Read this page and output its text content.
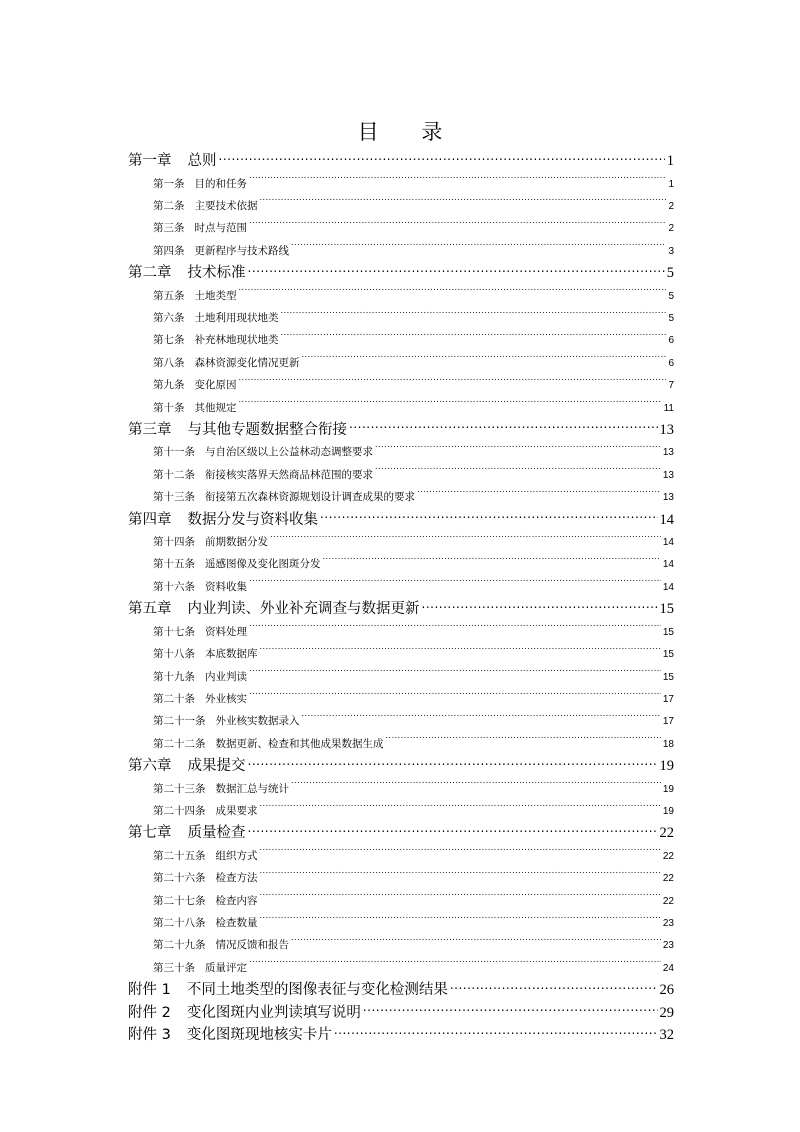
目 录
第一章 总则 .....	1
第一条 目的和任务 .....	1
第二条 主要技术依据 .....	2
第三条 时点与范围 .....	2
第四条 更新程序与技术路线 .....	3
第二章 技术标准 .....	5
第五条 土地类型 .....	5
第六条 土地利用现状地类 .....	5
第七条 补充林地现状地类 .....	6
第八条 森林资源变化情况更新 .....	6
第九条 变化原因 .....	7
第十条 其他规定 .....	11
第三章 与其他专题数据整合衔接 .....	13
第十一条 与自治区级以上公益林动态调整要求 .....	13
第十二条 衔接核实落界天然商品林范围的要求 .....	13
第十三条 衔接第五次森林资源规划设计调查成果的要求 .....	13
第四章 数据分发与资料收集 .....	14
第十四条 前期数据分发 .....	14
第十五条 遥感图像及变化图斑分发 .....	14
第十六条 资料收集 .....	14
第五章 内业判读、外业补充调查与数据更新 .....	15
第十七条 资料处理 .....	15
第十八条 本底数据库 .....	15
第十九条 内业判读 .....	15
第二十条 外业核实 .....	17
第二十一条 外业核实数据录入 .....	17
第二十二条 数据更新、检查和其他成果数据生成 .....	18
第六章 成果提交 .....	19
第二十三条 数据汇总与统计 .....	19
第二十四条 成果要求 .....	19
第七章 质量检查 .....	22
第二十五条 组织方式 .....	22
第二十六条 检查方法 .....	22
第二十七条 检查内容 .....	22
第二十八条 检查数量 .....	23
第二十九条 情况反馈和报告 .....	23
第三十条 质量评定 .....	24
附件 1 不同土地类型的图像表征与变化检测结果 .....	26
附件 2 变化图斑内业判读填写说明 .....	29
附件 3 变化图斑现地核实卡片 .....	32
